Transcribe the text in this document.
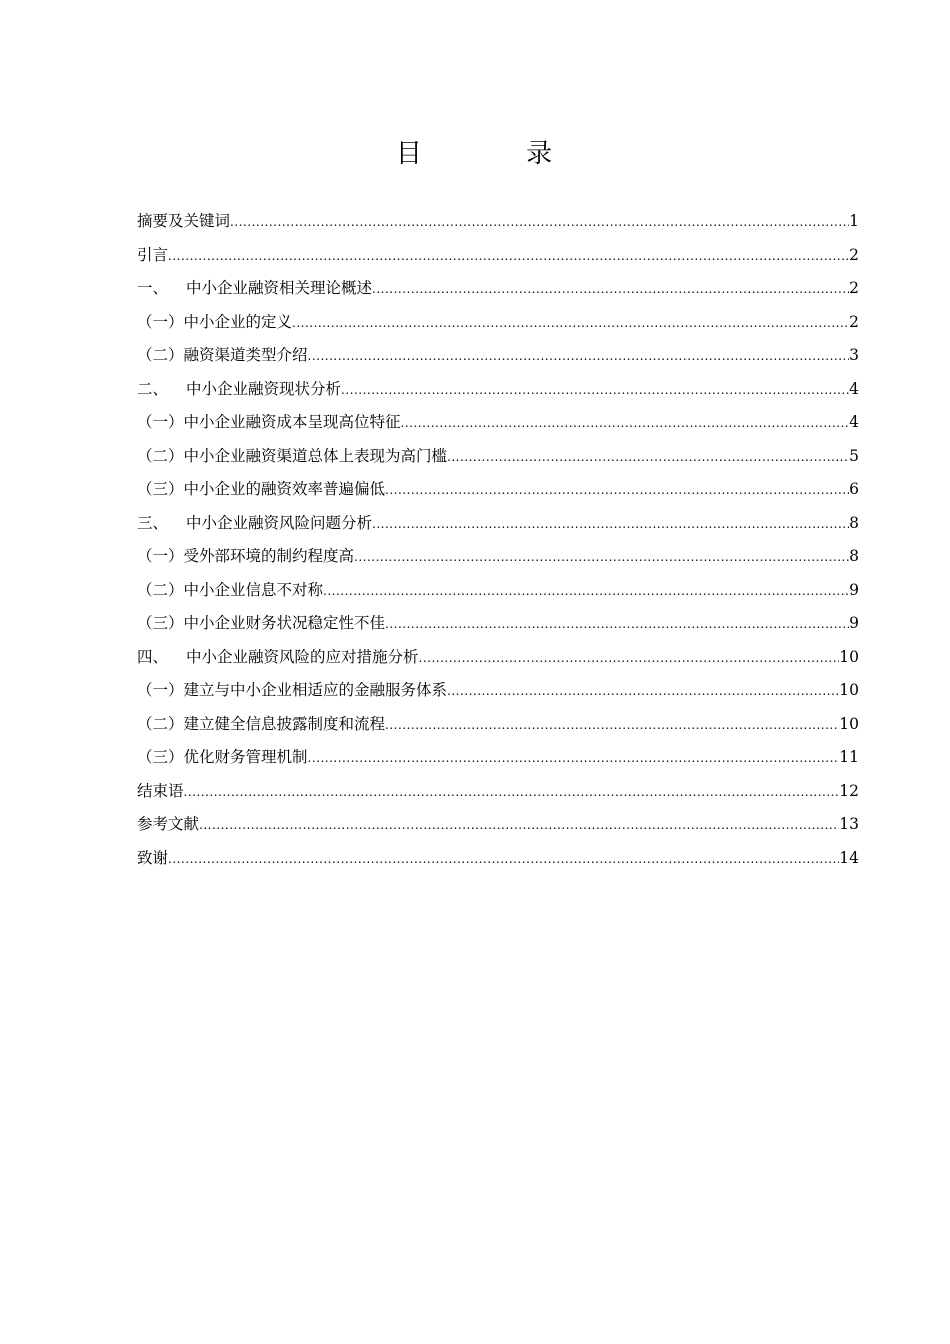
目 录
摘要及关键词 .....	1
引言 .....	2
一、 中小企业融资相关理论概述 .....	2
（一）中小企业的定义 .....	2
（二）融资渠道类型介绍 .....	3
二、 中小企业融资现状分析 .....	4
（一）中小企业融资成本呈现高位特征 .....	4
（二）中小企业融资渠道总体上表现为高门槛 .....	5
（三）中小企业的融资效率普遍偏低 .....	6
三、 中小企业融资风险问题分析 .....	8
（一）受外部环境的制约程度高 .....	8
（二）中小企业信息不对称 .....	9
（三）中小企业财务状况稳定性不佳 .....	9
四、 中小企业融资风险的应对措施分析 .....	10
（一）建立与中小企业相适应的金融服务体系 .....	10
（二）建立健全信息披露制度和流程 .....	10
（三）优化财务管理机制 .....	11
结束语 .....	12
参考文献 .....	13
致谢 .....	14
